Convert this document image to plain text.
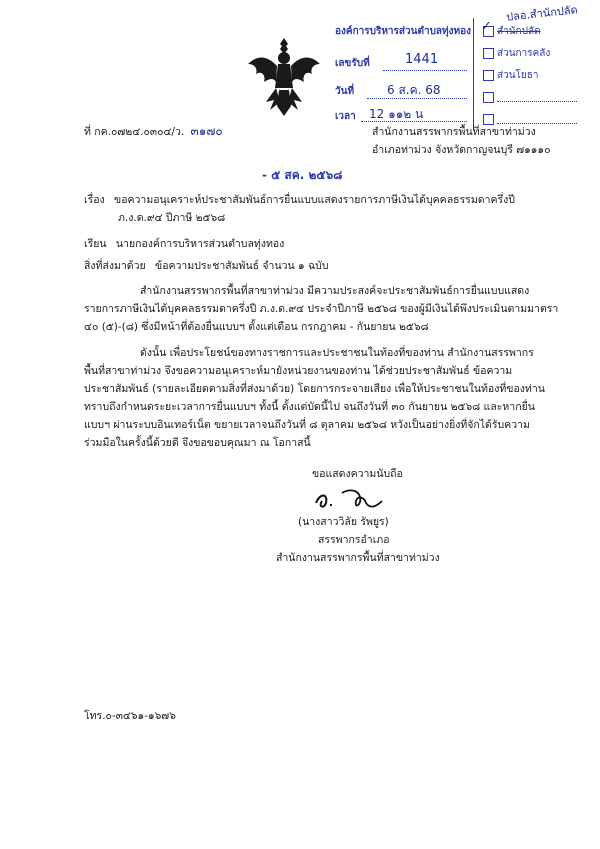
ที่ กค.๐๗๒๔.๐๓๐๔/ว. ๓๑๗๐
องค์การบริหารส่วนตำบลทุ่งทอง
เลขรับที่	1441
วันที่	6 ส.ค. 68
เวลา 12 ๑๑๒ น
สำนักปลัด
✓
ส่วนการคลัง
ส่วนโยธา
ปลอ.สำนักปลัด
สำนักงานสรรพากรพื้นที่สาขาท่าม่วง
อำเภอท่าม่วง จังหวัดกาญจนบุรี ๗๑๑๑๐
- ๕ สค. ๒๕๖๘
เรื่อง ขอความอนุเคราะห์ประชาสัมพันธ์การยื่นแบบแสดงรายการภาษีเงินได้บุคคลธรรมดาครึ่งปี
ภ.ง.ด.๙๔ ปีภาษี ๒๕๖๘
เรียน นายกองค์การบริหารส่วนตำบลทุ่งทอง
สิ่งที่ส่งมาด้วย ข้อความประชาสัมพันธ์ จำนวน ๑ ฉบับ
สำนักงานสรรพากรพื้นที่สาขาท่าม่วง มีความประสงค์จะประชาสัมพันธ์การยื่นแบบแสดง
รายการภาษีเงินได้บุคคลธรรมดาครึ่งปี ภ.ง.ด.๙๔ ประจำปีภาษี ๒๕๖๘ ของผู้มีเงินได้พึงประเมินตามมาตรา
๔๐ (๕)-(๘) ซึ่งมีหน้าที่ต้องยื่นแบบฯ ตั้งแต่เดือน กรกฎาคม - กันยายน ๒๕๖๘
ดังนั้น เพื่อประโยชน์ของทางราชการและประชาชนในท้องที่ของท่าน สำนักงานสรรพากร
พื้นที่สาขาท่าม่วง จึงขอความอนุเคราะห์มายังหน่วยงานของท่าน ได้ช่วยประชาสัมพันธ์ ข้อความ
ประชาสัมพันธ์ (รายละเอียดตามสิ่งที่ส่งมาด้วย) โดยการกระจายเสียง เพื่อให้ประชาชนในท้องที่ของท่าน
ทราบถึงกำหนดระยะเวลาการยื่นแบบฯ ทั้งนี้ ตั้งแต่บัดนี้ไป จนถึงวันที่ ๓๐ กันยายน ๒๕๖๘ และหากยื่น
แบบฯ ผ่านระบบอินเทอร์เน็ต ขยายเวลาจนถึงวันที่ ๘ ตุลาคม ๒๕๖๘ หวังเป็นอย่างยิ่งที่จักได้รับความ
ร่วมมือในครั้งนี้ด้วยดี จึงขอขอบคุณมา ณ โอกาสนี้
ขอแสดงความนับถือ
(นางสาววิลัย รัพยูร)
สรรพากรอำเภอ
สำนักงานสรรพากรพื้นที่สาขาท่าม่วง
โทร.๐-๓๔๖๑-๑๖๗๖
